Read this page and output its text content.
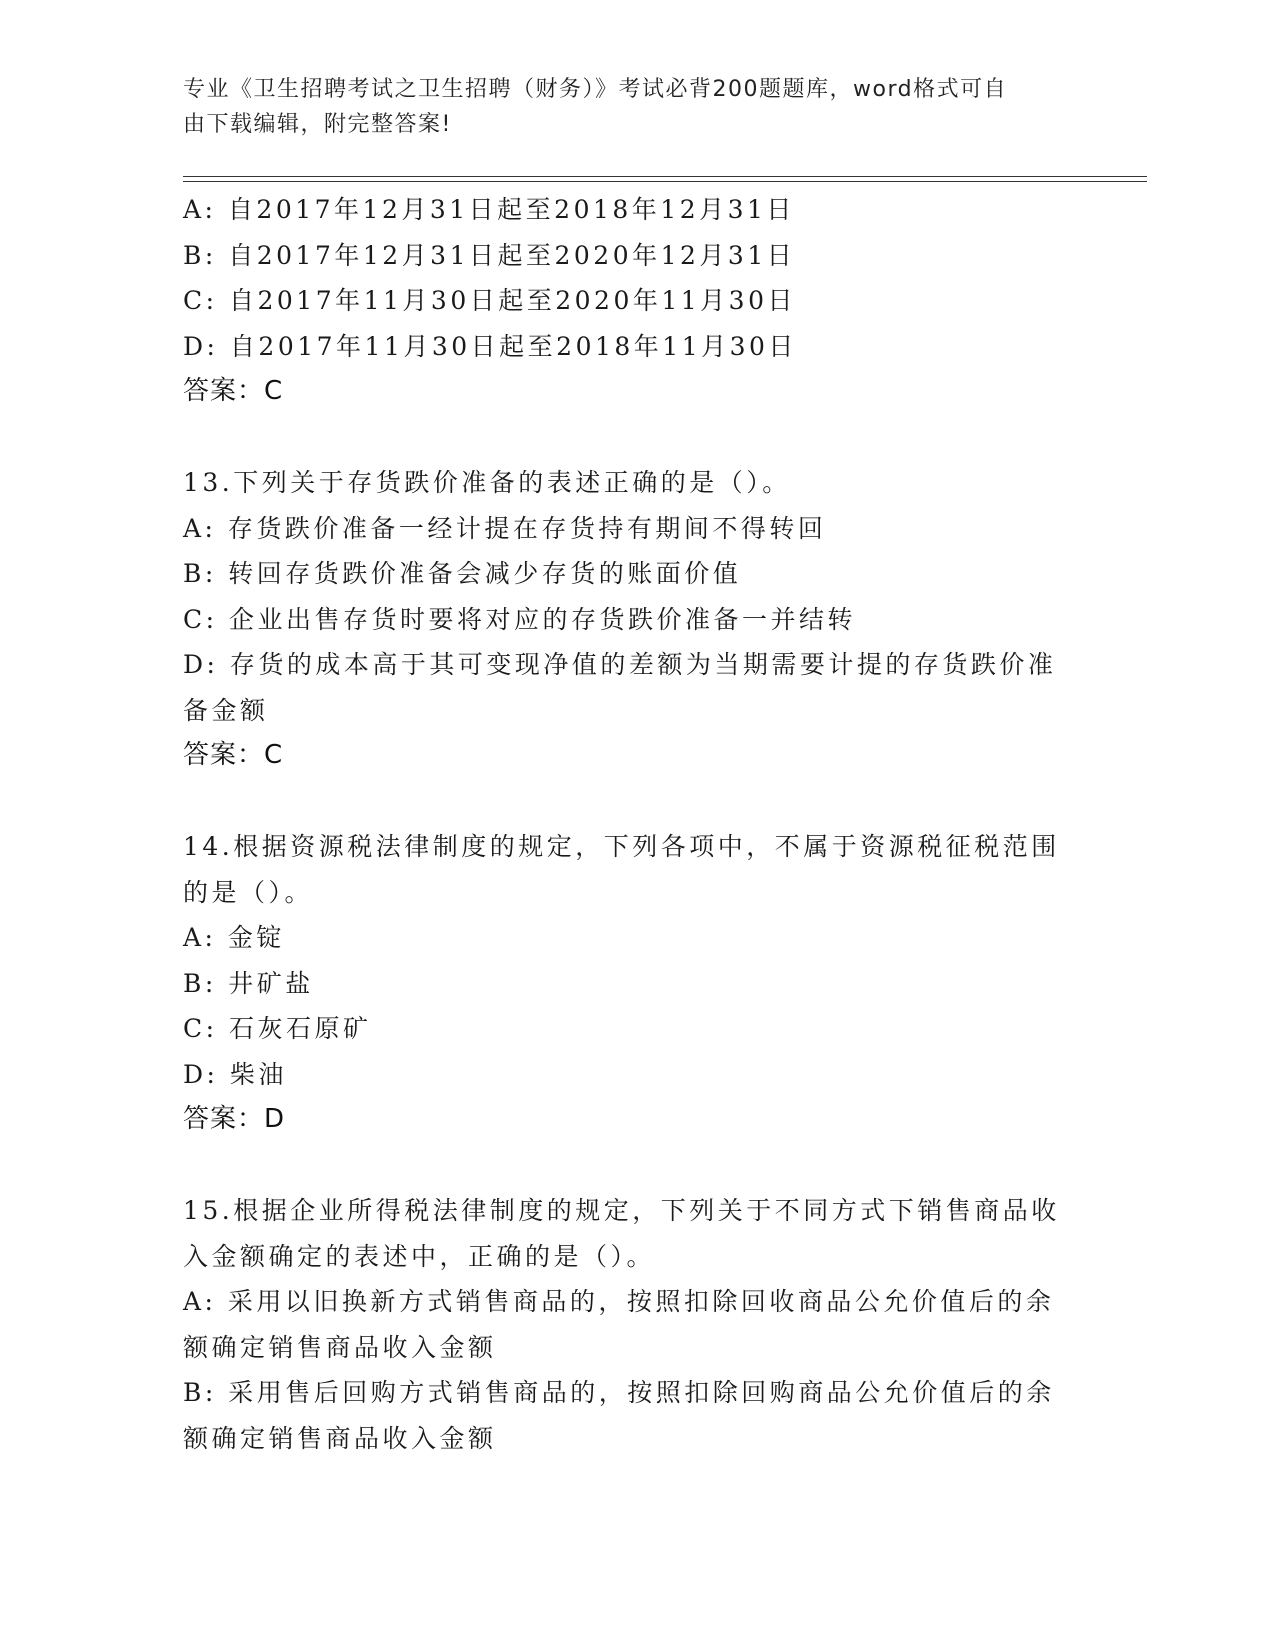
专业《卫生招聘考试之卫生招聘（财务）》考试必背200题题库，word格式可自
由下载编辑，附完整答案!
A: 自2017年12月31日起至2018年12月31日
B: 自2017年12月31日起至2020年12月31日
C: 自2017年11月30日起至2020年11月30日
D: 自2017年11月30日起至2018年11月30日
答案：C
13.下列关于存货跌价准备的表述正确的是（）。
A: 存货跌价准备一经计提在存货持有期间不得转回
B: 转回存货跌价准备会减少存货的账面价值
C: 企业出售存货时要将对应的存货跌价准备一并结转
D: 存货的成本高于其可变现净值的差额为当期需要计提的存货跌价准
备金额
答案：C
14.根据资源税法律制度的规定，下列各项中，不属于资源税征税范围
的是（）。
A: 金锭
B: 井矿盐
C: 石灰石原矿
D: 柴油
答案：D
15.根据企业所得税法律制度的规定，下列关于不同方式下销售商品收
入金额确定的表述中，正确的是（）。
A: 采用以旧换新方式销售商品的，按照扣除回收商品公允价值后的余
额确定销售商品收入金额
B: 采用售后回购方式销售商品的，按照扣除回购商品公允价值后的余
额确定销售商品收入金额
